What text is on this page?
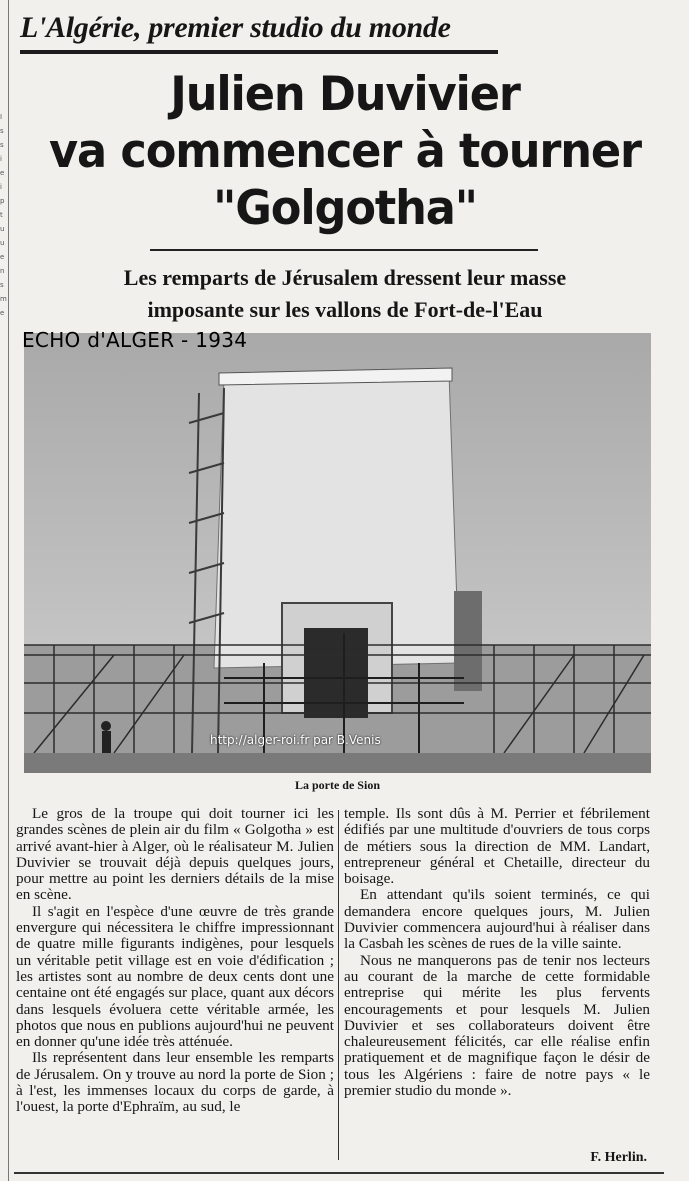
I s s i e i p t u u e n s m e
L'Algérie, premier studio du monde
Julien Duvivier
va commencer à tourner
"Golgotha"
Les remparts de Jérusalem dressent leur masse
imposante sur les vallons de Fort-de-l'Eau
ECHO d'ALGER - 1934
http://alger-roi.fr par B.Venis
La porte de Sion

Le gros de la troupe qui doit tourner ici les grandes scènes de plein air du film « Golgotha » est arrivé avant-hier à Alger, où le réalisateur M. Julien Duvivier se trouvait déjà depuis quelques jours, pour mettre au point les derniers détails de la mise en scène.

Il s'agit en l'espèce d'une œuvre de très grande envergure qui nécessitera le chiffre impressionnant de quatre mille figurants indigènes, pour lesquels un véritable petit village est en voie d'édification ; les artistes sont au nombre de deux cents dont une centaine ont été engagés sur place, quant aux décors dans lesquels évoluera cette véritable armée, les photos que nous en publions aujourd'hui ne peuvent en donner qu'une idée très atténuée.

Ils représentent dans leur ensemble les remparts de Jérusalem. On y trouve au nord la porte de Sion ; à l'est, les immenses locaux du corps de garde, à l'ouest, la porte d'Ephraïm, au sud, le

temple. Ils sont dûs à M. Perrier et fébrilement édifiés par une multitude d'ouvriers de tous corps de métiers sous la direction de MM. Landart, entrepreneur général et Chetaille, directeur du boisage.

En attendant qu'ils soient terminés, ce qui demandera encore quelques jours, M. Julien Duvivier commencera aujourd'hui à réaliser dans la Casbah les scènes de rues de la ville sainte.

Nous ne manquerons pas de tenir nos lecteurs au courant de la marche de cette formidable entreprise qui mérite les plus fervents encouragements et pour lesquels M. Julien Duvivier et ses collaborateurs doivent être chaleureusement félicités, car elle réalise enfin pratiquement et de magnifique façon le désir de tous les Algériens : faire de notre pays « le premier studio du monde ».

F. Herlin.
